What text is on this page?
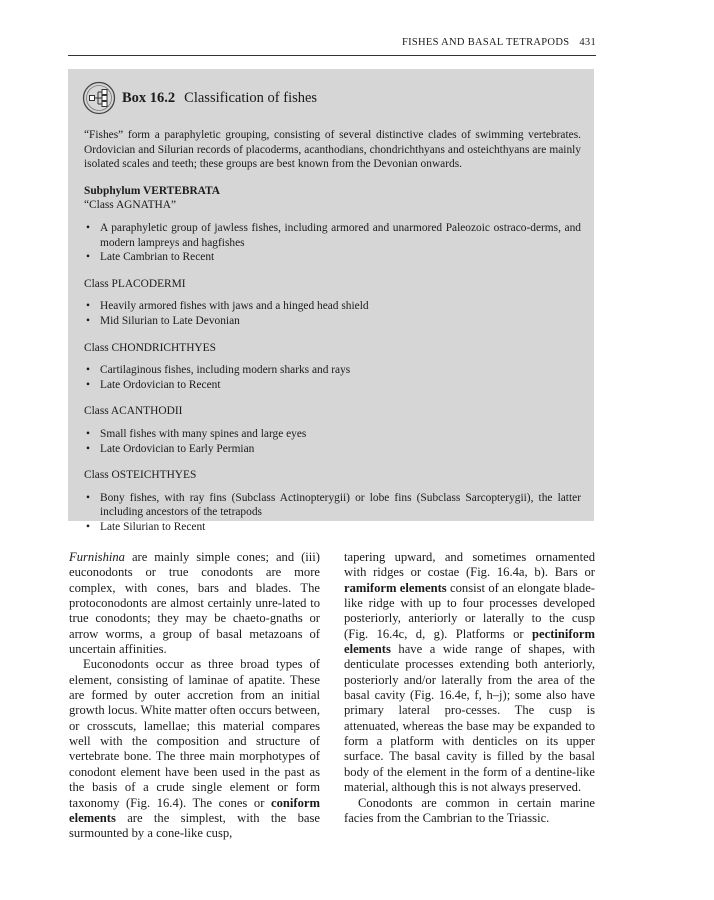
FISHES AND BASAL TETRAPODS 431
Box 16.2 Classification of fishes

“Fishes” form a paraphyletic grouping, consisting of several distinctive clades of swimming vertebrates. Ordovician and Silurian records of placoderms, acanthodians, chondrichthyans and osteichthyans are mainly isolated scales and teeth; these groups are best known from the Devonian onwards.

Subphylum VERTEBRATA
“Class AGNATHA”
• A paraphyletic group of jawless fishes, including armored and unarmored Paleozoic ostraco-derms, and modern lampreys and hagfishes
• Late Cambrian to Recent
Class PLACODERMI
• Heavily armored fishes with jaws and a hinged head shield
• Mid Silurian to Late Devonian
Class CHONDRICHTHYES
• Cartilaginous fishes, including modern sharks and rays
• Late Ordovician to Recent
Class ACANTHODII
• Small fishes with many spines and large eyes
• Late Ordovician to Early Permian
Class OSTEICHTHYES
• Bony fishes, with ray fins (Subclass Actinopterygii) or lobe fins (Subclass Sarcopterygii), the latter including ancestors of the tetrapods
• Late Silurian to Recent

Furnishina are mainly simple cones; and (iii) euconodonts or true conodonts are more complex, with cones, bars and blades. The protoconodonts are almost certainly unre-lated to true conodonts; they may be chaeto-gnaths or arrow worms, a group of basal metazoans of uncertain affinities.

Euconodonts occur as three broad types of element, consisting of laminae of apatite. These are formed by outer accretion from an initial growth locus. White matter often occurs between, or crosscuts, lamellae; this material compares well with the composition and structure of vertebrate bone. The three main morphotypes of conodont element have been used in the past as the basis of a crude single element or form taxonomy (Fig. 16.4). The cones or coniform elements are the simplest, with the base surmounted by a cone-like cusp,

tapering upward, and sometimes ornamented with ridges or costae (Fig. 16.4a, b). Bars or ramiform elements consist of an elongate blade-like ridge with up to four processes developed posteriorly, anteriorly or laterally to the cusp (Fig. 16.4c, d, g). Platforms or pectiniform elements have a wide range of shapes, with denticulate processes extending both anteriorly, posteriorly and/or laterally from the area of the basal cavity (Fig. 16.4e, f, h–j); some also have primary lateral pro-cesses. The cusp is attenuated, whereas the base may be expanded to form a platform with denticles on its upper surface. The basal cavity is filled by the basal body of the element in the form of a dentine-like material, although this is not always preserved.

Conodonts are common in certain marine facies from the Cambrian to the Triassic.
